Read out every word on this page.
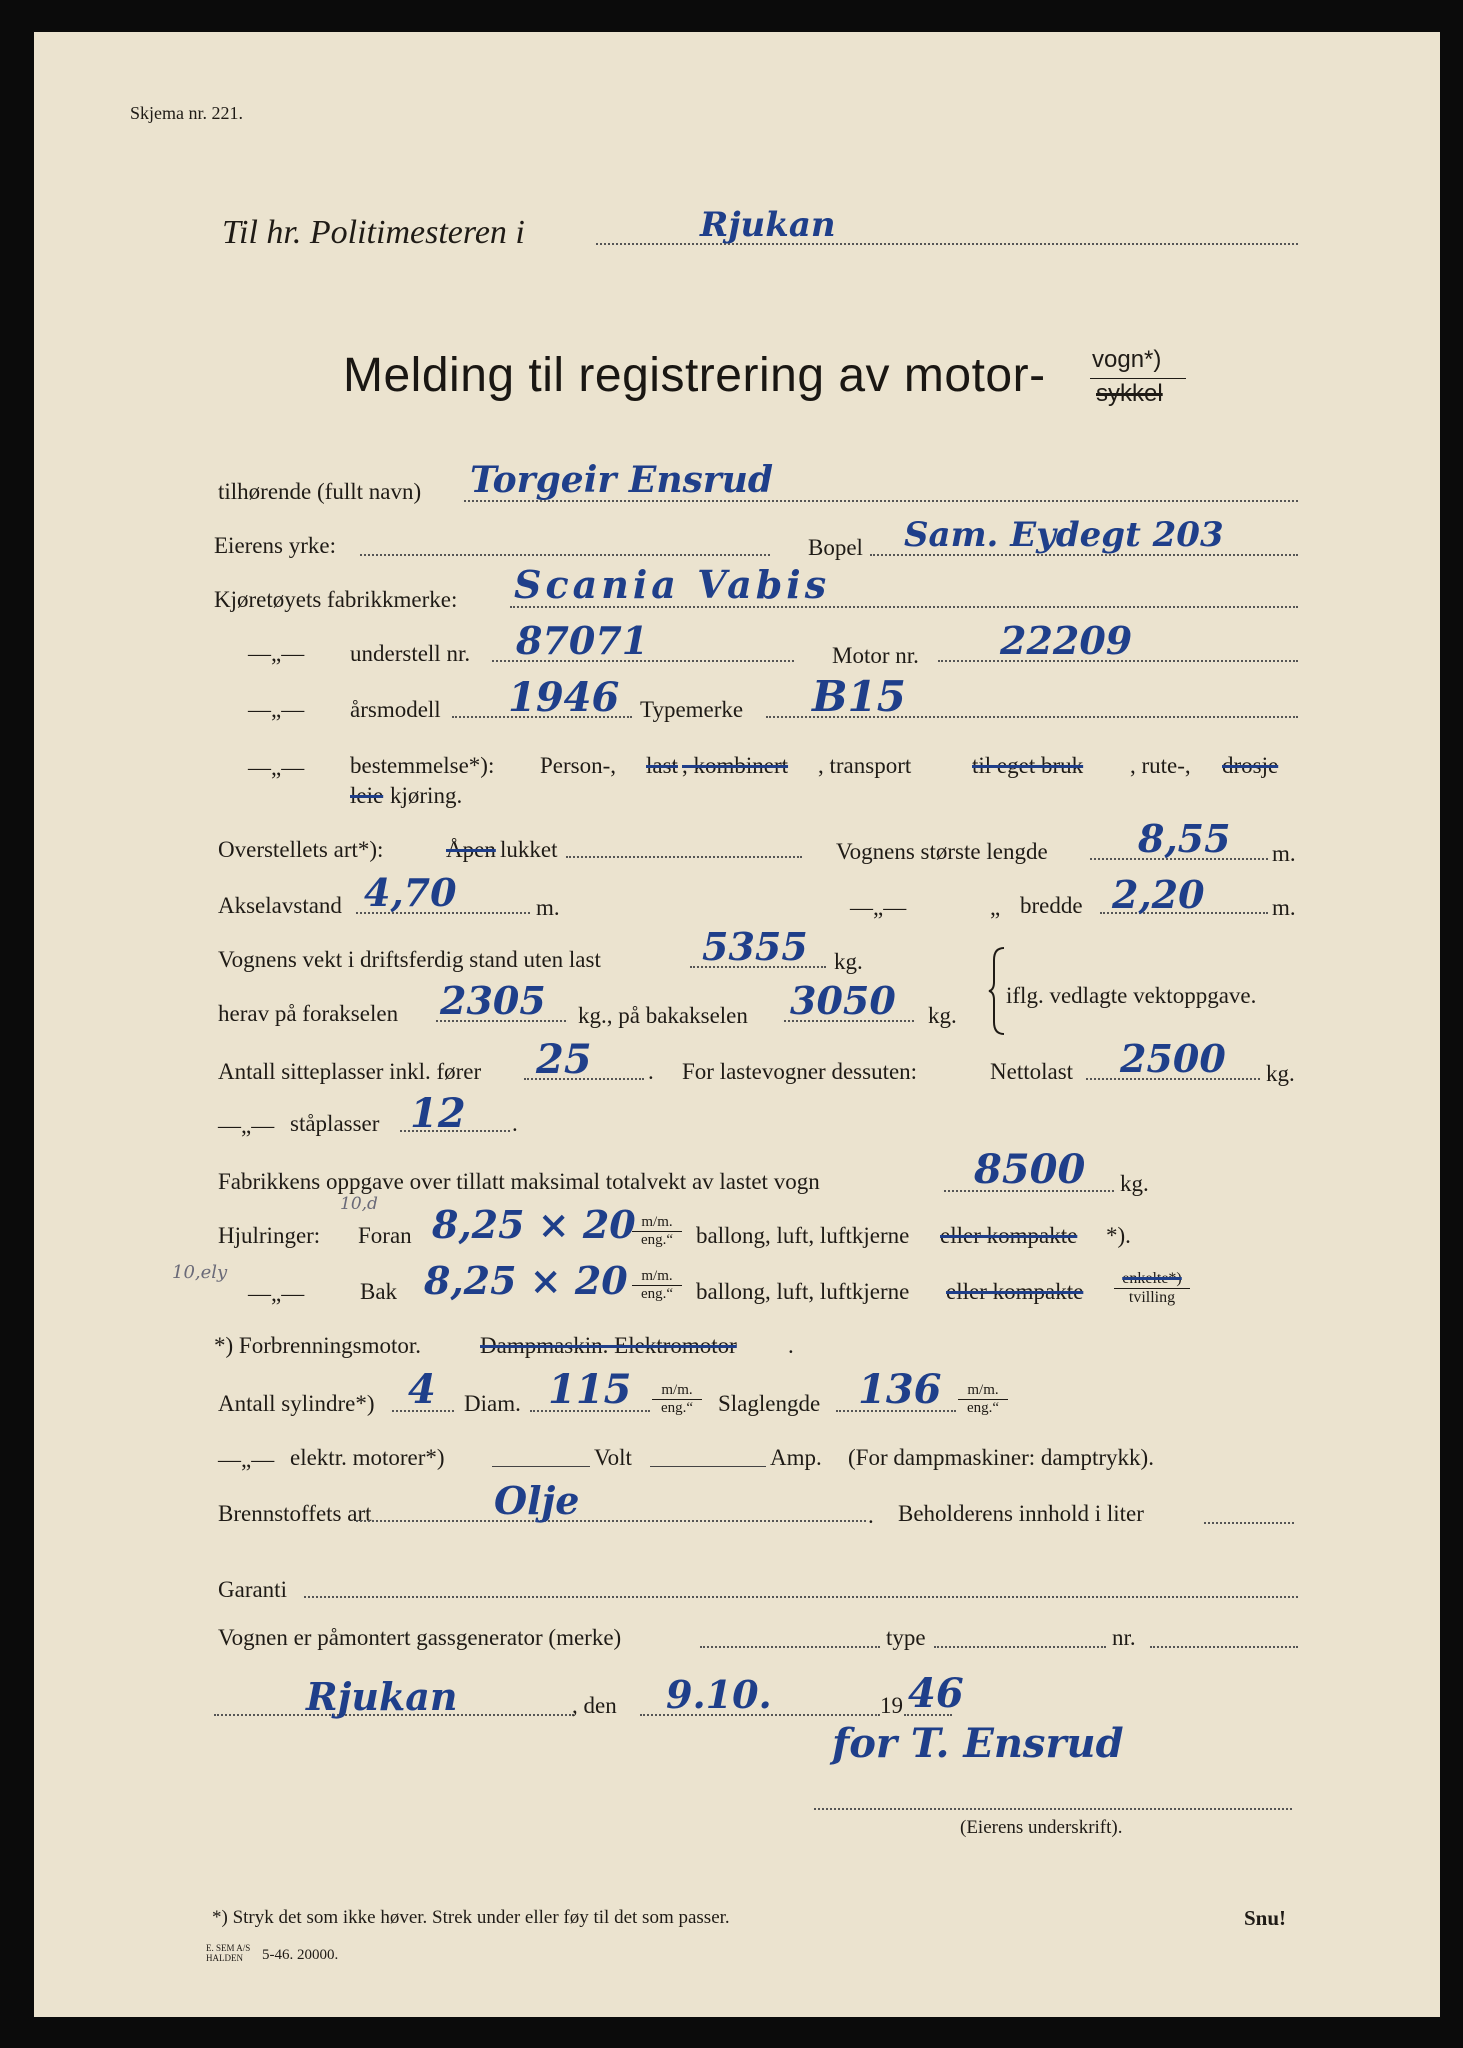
Skjema nr. 221.
Til hr. Politimesteren i	Rjukan
Melding til registrering av motor- vogn*)
sykkel
tilhørende (fullt navn) Torgeir Ensrud
Eierens yrke:	Bopel Sam. Eydegt 203
Kjøretøyets fabrikkmerke: Scania Vabis
—„— understell nr. 87071	Motor nr. 22209
—„— årsmodell 1946 Typemerke B15
—„— bestemmelse*): Person-, last , kombinert , transport	til eget bruk , rute-, drosje
leie kjøring.
Overstellets art*):	Åpen lukket	Vognens største lengde 8,55 m.
Akselavstand 4,70	m.	—„—	„ bredde 2,20	m.
Vognens vekt i driftsferdig stand uten last	5355 kg.
herav på forakselen 2305 kg., på bakakselen 3050 kg.
iflg. vedlagte vektoppgave.
Antall sitteplasser inkl. fører 25 . For lastevogner dessuten:	Nettolast 2500 kg.
—„— ståplasser 12 .
Fabrikkens oppgave over tillatt maksimal totalvekt av lastet vogn	8500 kg.
Hjulringer: Foran
10,d 8,25 × 20 m/m.
eng.“ ballong, luft, luftkjerne eller kompakte *).
10,ely
—„— Bak 8,25 × 20 m/m.
eng.“ ballong, luft, luftkjerne eller kompakte
enkelte*)
tvilling
*) Forbrenningsmotor.	Dampmaskin. Elektromotor .
Antall sylindre*) 4 Diam. 115	m/m.
eng.“	Slaglengde 136	m/m.
eng.“
—„— elektr. motorer*)	Volt	Amp. (For dampmaskiner: damptrykk).
Brennstoffets art	Olje	. Beholderens innhold i liter
Garanti
Vognen er påmontert gassgenerator (merke)	type	nr.
Rjukan	, den 9.10.	19 46
for T. Ensrud
(Eierens underskrift).
*) Stryk det som ikke høver. Strek under eller føy til det som passer.	Snu!
E. SEM A/S
HALDEN	5-46. 20000.
